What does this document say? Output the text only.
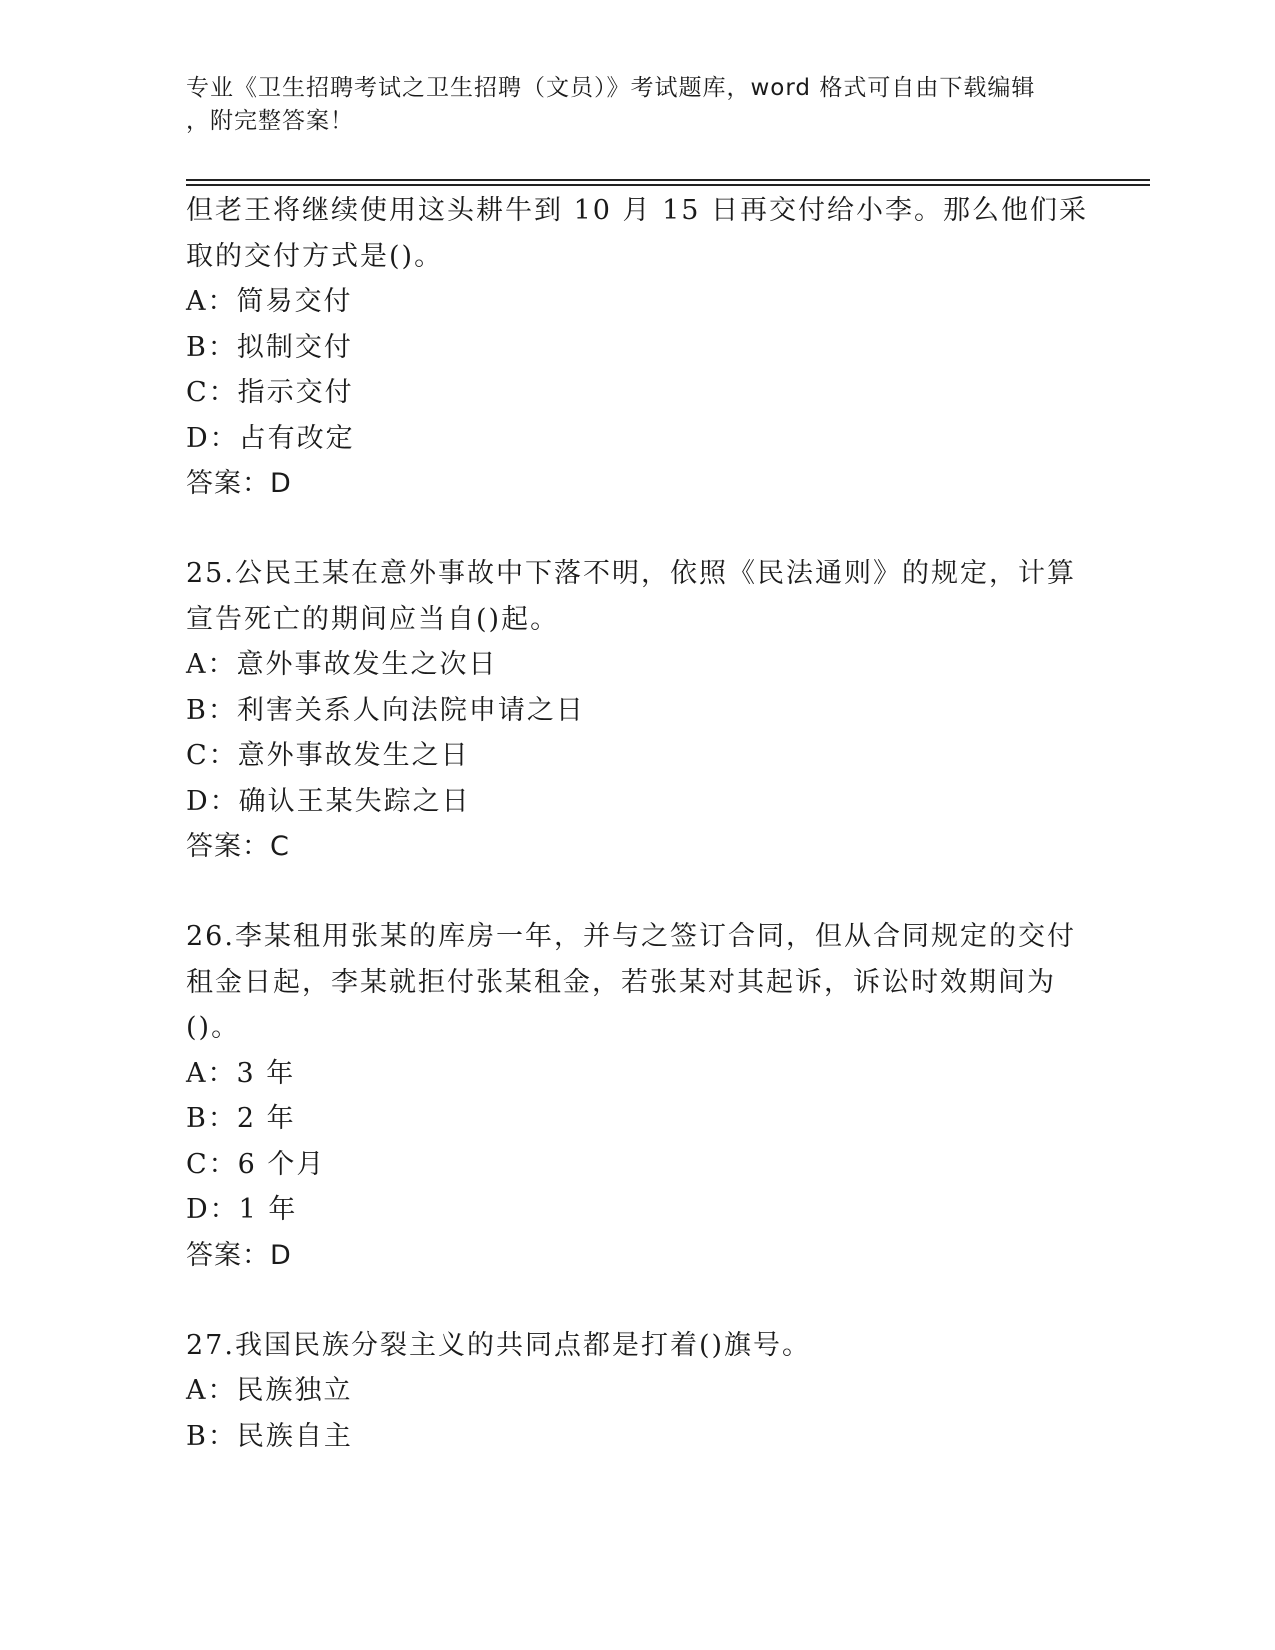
专业《卫生招聘考试之卫生招聘（文员）》考试题库，word 格式可自由下载编辑
，附完整答案！
但老王将继续使用这头耕牛到 10 月 15 日再交付给小李。那么他们采
取的交付方式是()。
A：简易交付
B：拟制交付
C：指示交付
D：占有改定
答案：D
25.公民王某在意外事故中下落不明，依照《民法通则》的规定，计算
宣告死亡的期间应当自()起。
A：意外事故发生之次日
B：利害关系人向法院申请之日
C：意外事故发生之日
D：确认王某失踪之日
答案：C
26.李某租用张某的库房一年，并与之签订合同，但从合同规定的交付
租金日起，李某就拒付张某租金，若张某对其起诉，诉讼时效期间为
()。
A：3 年
B：2 年
C：6 个月
D：1 年
答案：D
27.我国民族分裂主义的共同点都是打着()旗号。
A：民族独立
B：民族自主
